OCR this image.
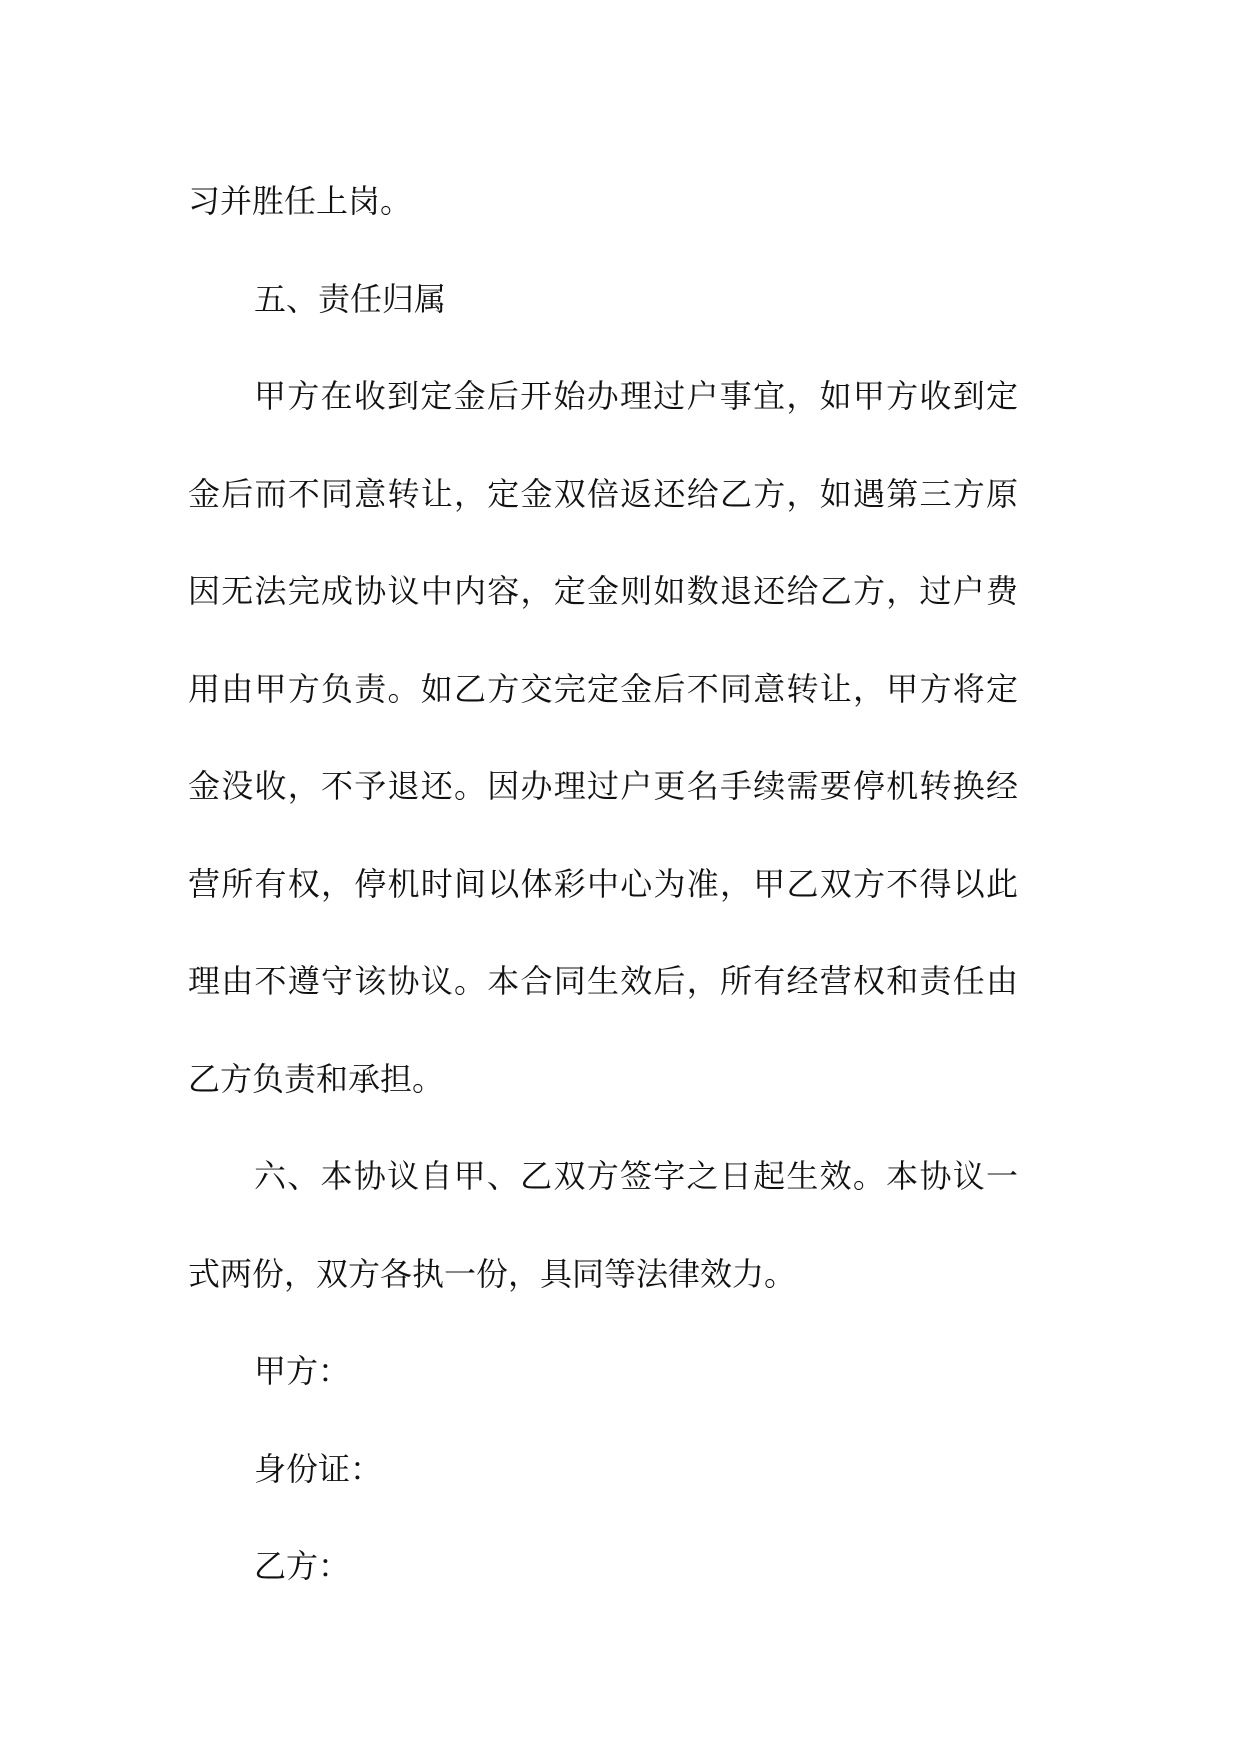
习并胜任上岗。
五、责任归属
甲方在收到定金后开始办理过户事宜，如甲方收到定
金后而不同意转让，定金双倍返还给乙方，如遇第三方原
因无法完成协议中内容，定金则如数退还给乙方，过户费
用由甲方负责。如乙方交完定金后不同意转让，甲方将定
金没收，不予退还。因办理过户更名手续需要停机转换经
营所有权，停机时间以体彩中心为准，甲乙双方不得以此
理由不遵守该协议。本合同生效后，所有经营权和责任由
乙方负责和承担。
六、本协议自甲、乙双方签字之日起生效。本协议一
式两份，双方各执一份，具同等法律效力。
甲方：
身份证：
乙方：
